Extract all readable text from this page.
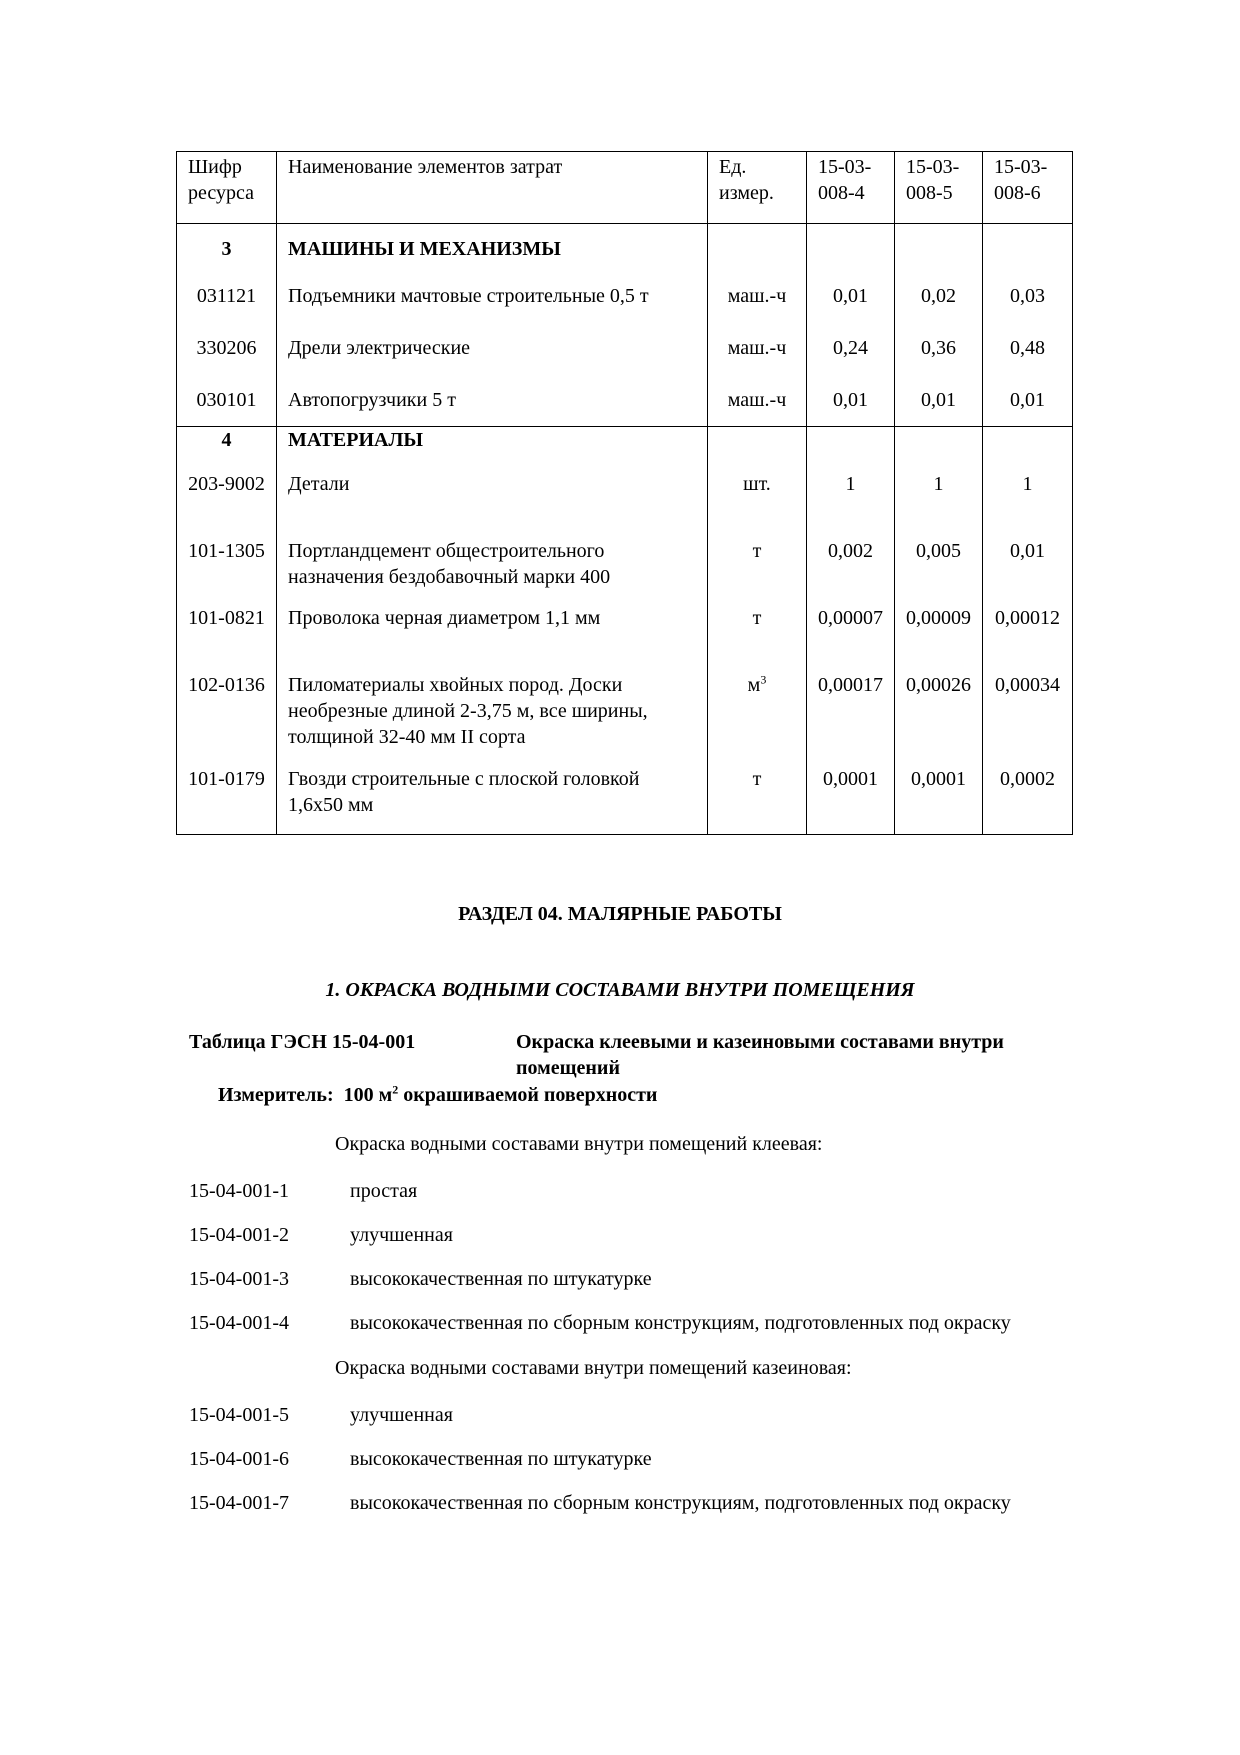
Шифр ресурса	Наименование элементов затрат	Ед. измер.	15-03-008-4	15-03-008-5	15-03-008-6
3	МАШИНЫ И МЕХАНИЗМЫ				
031121	Подъемники мачтовые строительные 0,5 т	маш.-ч	0,01	0,02	0,03
330206	Дрели электрические	маш.-ч	0,24	0,36	0,48
030101	Автопогрузчики 5 т	маш.-ч	0,01	0,01	0,01
4	МАТЕРИАЛЫ				
203-9002	Детали	шт.	1	1	1
101-1305	Портландцемент общестроительного назначения бездобавочный марки 400	т	0,002	0,005	0,01
101-0821	Проволока черная диаметром 1,1 мм	т	0,00007	0,00009	0,00012
102-0136	Пиломатериалы хвойных пород. Доски необрезные длиной 2-3,75 м, все ширины, толщиной 32-40 мм II сорта	$м^3$	0,00017	0,00026	0,00034
101-0179	Гвозди строительные с плоской головкой 1,6х50 мм	т	0,0001	0,0001	0,0002
РАЗДЕЛ 04. МАЛЯРНЫЕ РАБОТЫ
1. ОКРАСКА ВОДНЫМИ СОСТАВАМИ ВНУТРИ ПОМЕЩЕНИЯ
Таблица ГЭСН 15-04-001	Окраска клеевыми и казеиновыми составами внутри
помещений
Измеритель: 100 $м^2$ окрашиваемой поверхности
Окраска водными составами внутри помещений клеевая:
15-04-001-1	простая
15-04-001-2	улучшенная
15-04-001-3	высококачественная по штукатурке
15-04-001-4	высококачественная по сборным конструкциям, подготовленных под окраску
Окраска водными составами внутри помещений казеиновая:
15-04-001-5	улучшенная
15-04-001-6	высококачественная по штукатурке
15-04-001-7	высококачественная по сборным конструкциям, подготовленных под окраску
